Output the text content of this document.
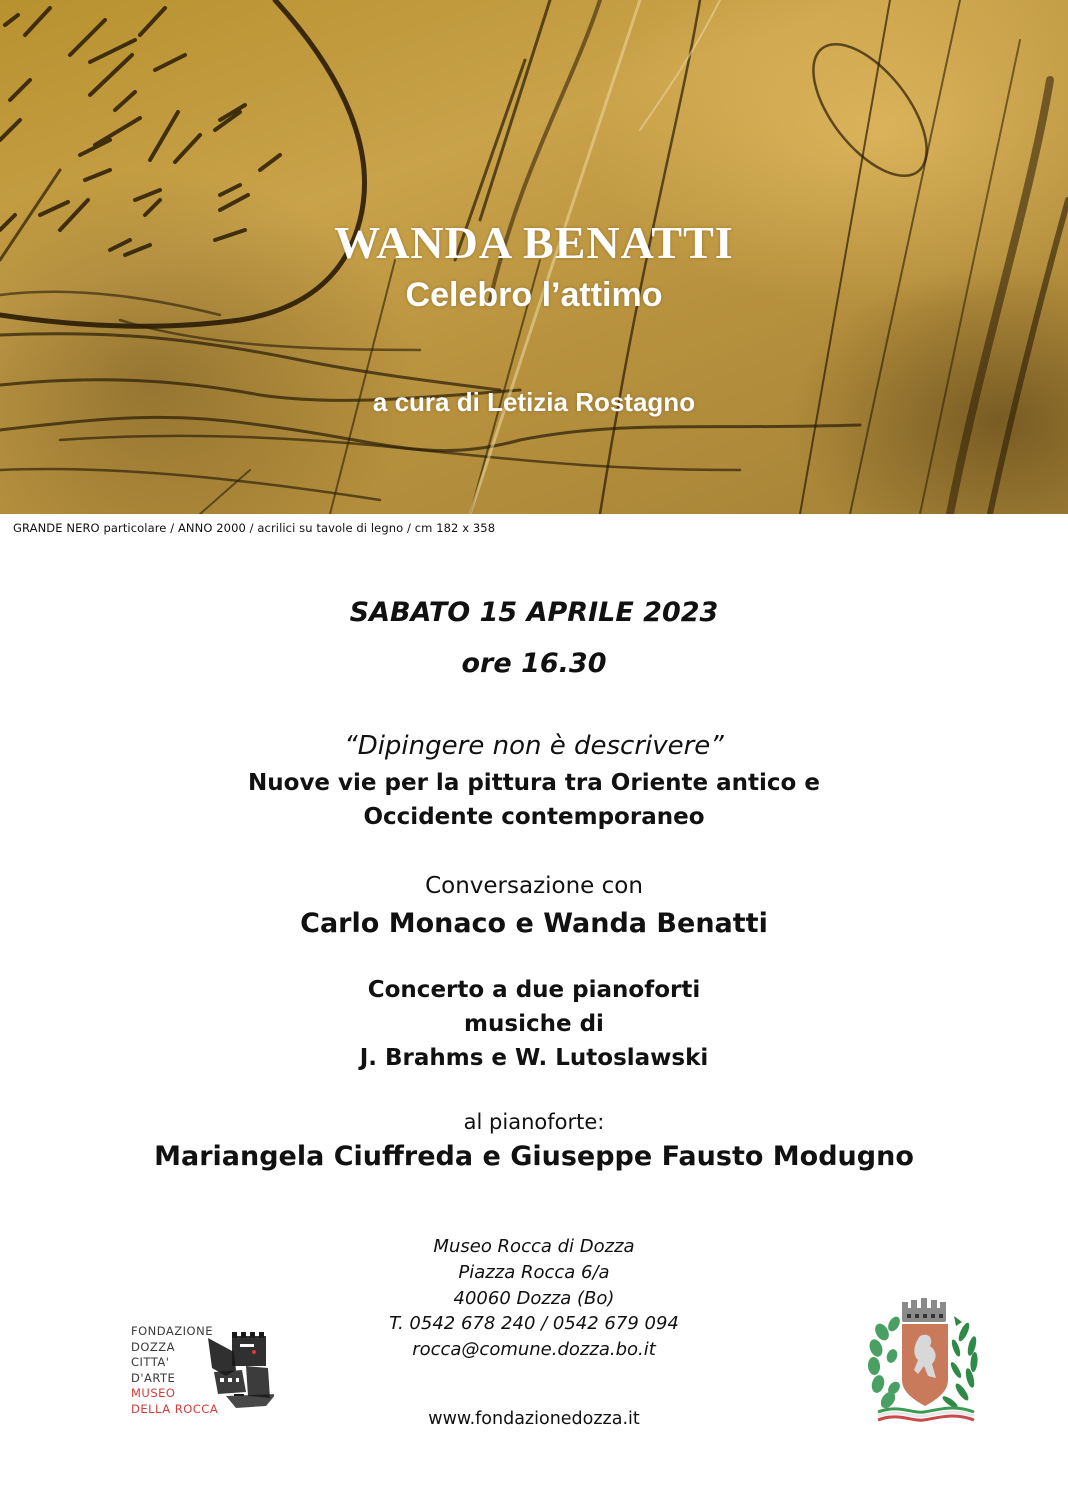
WANDA BENATTI
Celebro l’attimo
a cura di Letizia Rostagno
GRANDE NERO particolare / ANNO 2000 / acrilici su tavole di legno / cm 182 x 358
SABATO 15 APRILE 2023
ore 16.30
“Dipingere non è descrivere”
Nuove vie per la pittura tra Oriente antico e
Occidente contemporaneo
Conversazione con
Carlo Monaco e Wanda Benatti
Concerto a due pianoforti
musiche di
J. Brahms e W. Lutoslawski
al pianoforte:
Mariangela Ciuffreda e Giuseppe Fausto Modugno
Museo Rocca di Dozza
Piazza Rocca 6/a
40060 Dozza (Bo)
T. 0542 678 240 / 0542 679 094
rocca@comune.dozza.bo.it
www.fondazionedozza.it
FONDAZIONE
DOZZA
CITTA'
D'ARTE
MUSEO
DELLA ROCCA
